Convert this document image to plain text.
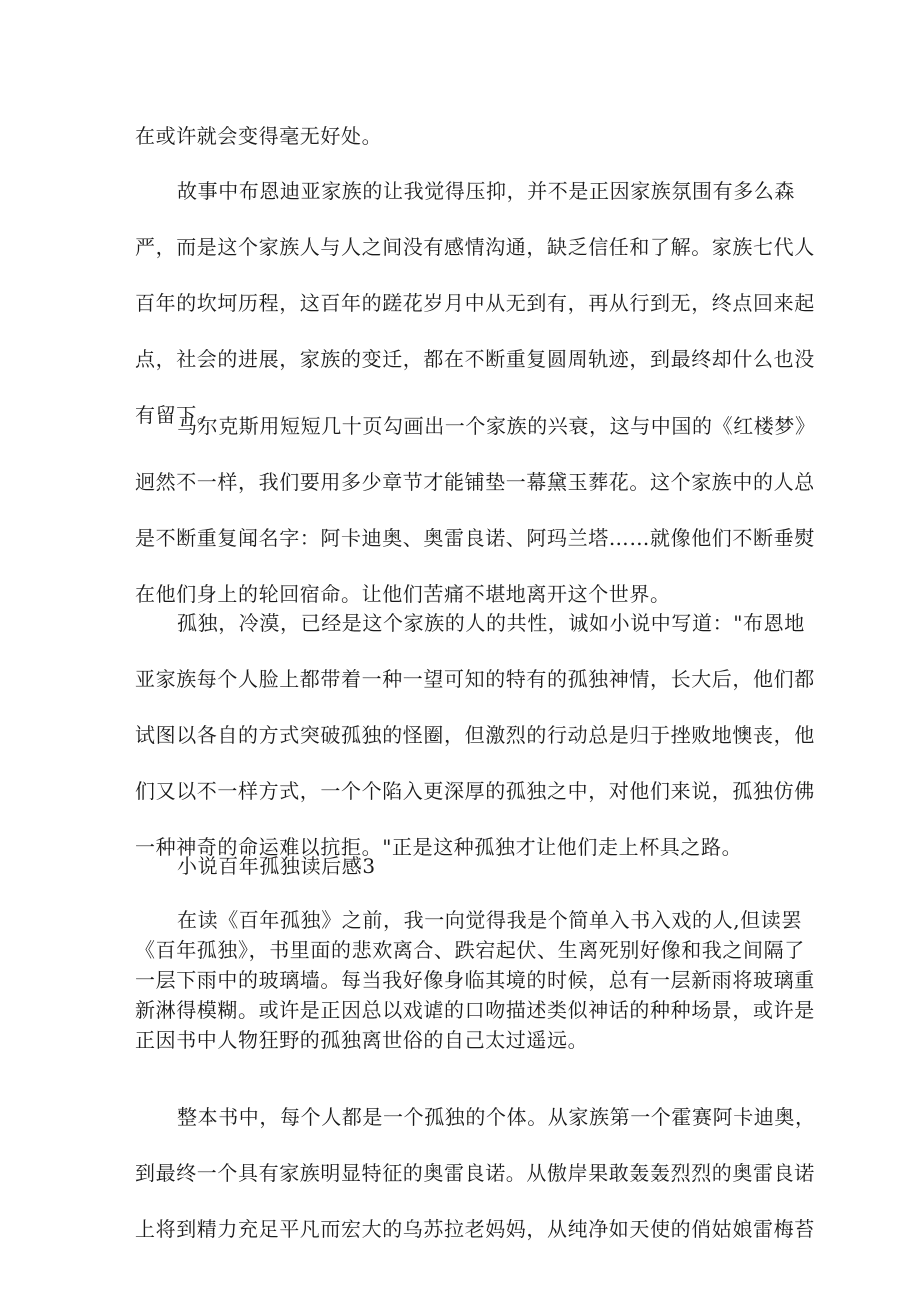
在或许就会变得毫无好处。
故事中布恩迪亚家族的让我觉得压抑，并不是正因家族氛围有多么森
严，而是这个家族人与人之间没有感情沟通，缺乏信任和了解。家族七代人
百年的坎坷历程，这百年的蹉花岁月中从无到有，再从行到无，终点回来起
点，社会的进展，家族的变迁，都在不断重复圆周轨迹，到最终却什么也没
有留下。
马尔克斯用短短几十页勾画出一个家族的兴衰，这与中国的《红楼梦》
迥然不一样，我们要用多少章节才能铺垫一幕黛玉葬花。这个家族中的人总
是不断重复闻名字：阿卡迪奥、奥雷良诺、阿玛兰塔……就像他们不断垂熨
在他们身上的轮回宿命。让他们苦痛不堪地离开这个世界。
孤独，冷漠，已经是这个家族的人的共性，诚如小说中写道："布恩地
亚家族每个人脸上都带着一种一望可知的特有的孤独神情，长大后，他们都
试图以各自的方式突破孤独的怪圈，但激烈的行动总是归于挫败地懊丧，他
们又以不一样方式，一个个陷入更深厚的孤独之中，对他们来说，孤独仿佛
一种神奇的命运难以抗拒。"正是这种孤独才让他们走上杯具之路。
小说百年孤独读后感3
在读《百年孤独》之前，我一向觉得我是个简单入书入戏的人,但读罢
《百年孤独》，书里面的悲欢离合、跌宕起伏、生离死别好像和我之间隔了
一层下雨中的玻璃墙。每当我好像身临其境的时候，总有一层新雨将玻璃重
新淋得模糊。或许是正因总以戏谑的口吻描述类似神话的种种场景，或许是
正因书中人物狂野的孤独离世俗的自己太过遥远。
整本书中，每个人都是一个孤独的个体。从家族第一个霍赛阿卡迪奥，
到最终一个具有家族明显特征的奥雷良诺。从傲岸果敢轰轰烈烈的奥雷良诺
上将到精力充足平凡而宏大的乌苏拉老妈妈，从纯净如天使的俏姑娘雷梅苔
